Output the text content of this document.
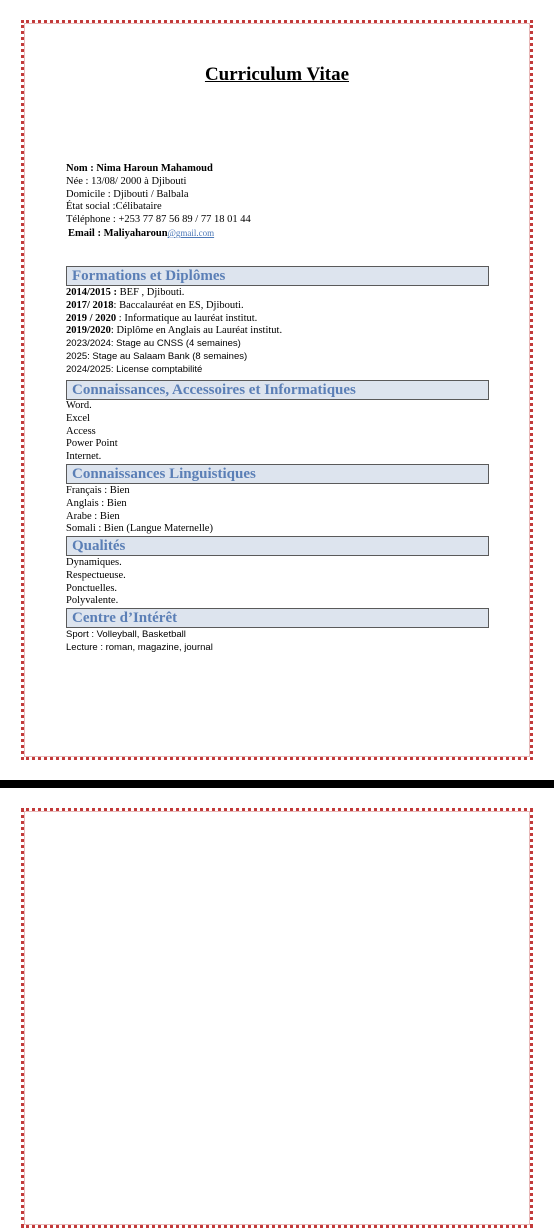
Curriculum Vitae
Nom : Nima Haroun Mahamoud
Née : 13/08/ 2000 à Djibouti
Domicile : Djibouti / Balbala
État social :Célibataire
Téléphone : +253 77 87 56 89 / 77 18 01 44
Email : Maliyaharoun@gmail.com
Formations et Diplômes
2014/2015 : BEF , Djibouti.
2017/ 2018: Baccalauréat en ES, Djibouti.
2019 / 2020 : Informatique au lauréat institut.
2019/2020: Diplôme en Anglais au Lauréat institut.
2023/2024: Stage au CNSS (4 semaines)
2025: Stage au Salaam Bank (8 semaines)
2024/2025: License comptabilité
Connaissances, Accessoires et Informatiques
Word.
Excel
Access
Power Point
Internet.
Connaissances Linguistiques
Français : Bien
Anglais : Bien
Arabe : Bien
Somali : Bien (Langue Maternelle)
Qualités
Dynamiques.
Respectueuse.
Ponctuelles.
Polyvalente.
Centre d’Intérêt
Sport : Volleyball, Basketball
Lecture : roman, magazine, journal
